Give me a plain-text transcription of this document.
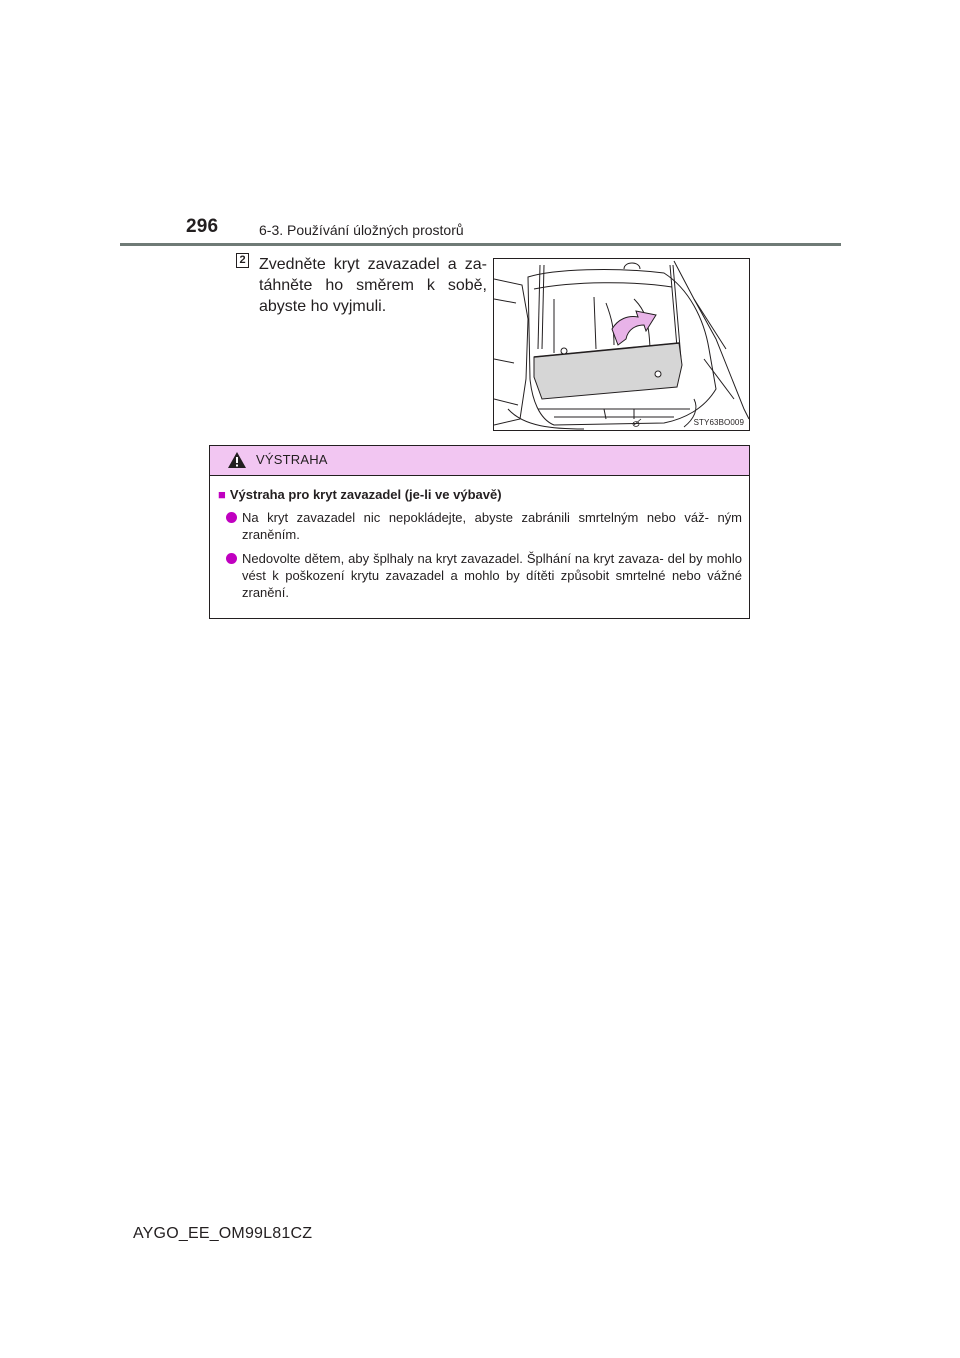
296	6-3. Používání úložných prostorů
2 Zvedněte kryt zavazadel a za- táhněte ho směrem k sobě, abyste ho vyjmuli.
STY63BO009
VÝSTRAHA
■ Výstraha pro kryt zavazadel (je-li ve výbavě)
Na kryt zavazadel nic nepokládejte, abyste zabránili smrtelným nebo váž- ným zraněním.
Nedovolte dětem, aby šplhaly na kryt zavazadel. Šplhání na kryt zavaza- del by mohlo vést k poškození krytu zavazadel a mohlo by dítěti způsobit smrtelné nebo vážné zranění.
AYGO_EE_OM99L81CZ
